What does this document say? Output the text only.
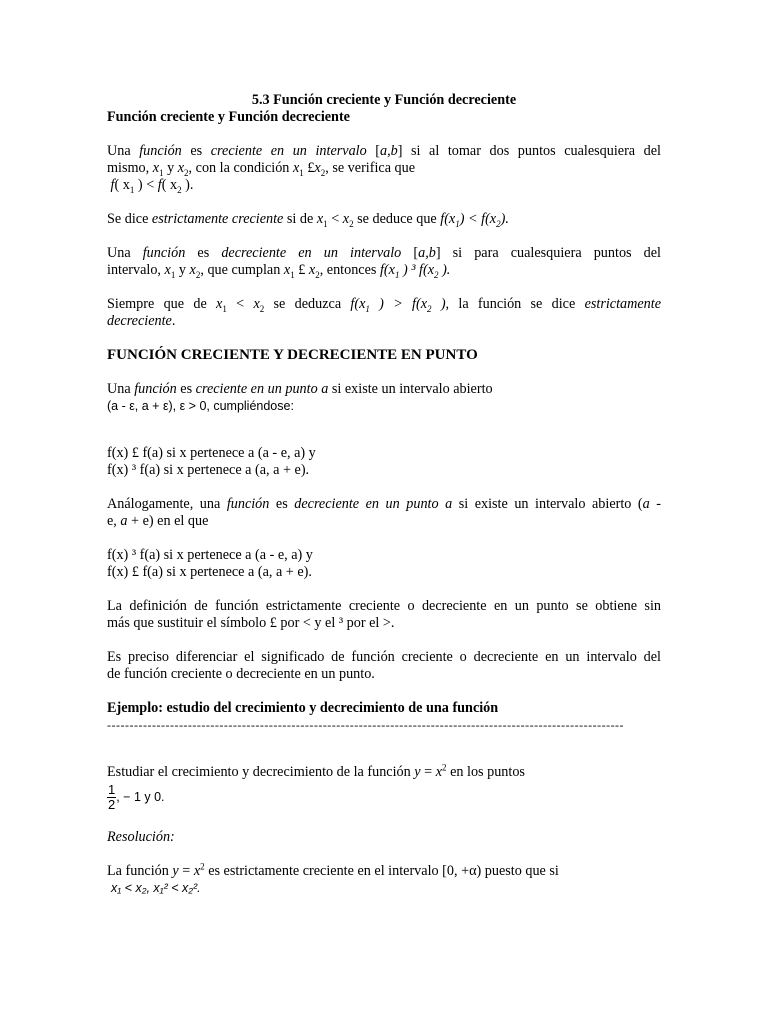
5.3 Función creciente y Función decreciente
Función creciente y Función decreciente
Una función es creciente en un intervalo [a,b] si al tomar dos puntos cualesquiera del
mismo, $x_1$ y $x_2$, con la condición $x_1$ $£x_2$, se verifica que
f( $x_1$ ) < f( $x_2$ ).
Se dice estrictamente creciente si de $x_1 < x_2$ se deduce que $f(x_1) < f(x_2)$.
Una función es decreciente en un intervalo [a,b] si para cualesquiera puntos del
intervalo, $x_1$ y $x_2$, que cumplan $x_1$ £ $x_2$, entonces $f(x_1$ ) ³ $f(x_2$ ).
Siempre que de $x_1 < x_2$ se deduzca $f(x_1$ ) > $f(x_2$ ), la función se dice estrictamente
decreciente.
FUNCIÓN CRECIENTE Y DECRECIENTE EN PUNTO
Una función es creciente en un punto a si existe un intervalo abierto
(a - ε, a + ε), ε > 0, cumpliéndose:
f(x) £ f(a) si x pertenece a (a - e, a) y
f(x) ³ f(a) si x pertenece a (a, a + e).
Análogamente, una función es decreciente en un punto a si existe un intervalo abierto (a -
e, a + e) en el que
f(x) ³ f(a) si x pertenece a (a - e, a) y
f(x) £ f(a) si x pertenece a (a, a + e).
La definición de función estrictamente creciente o decreciente en un punto se obtiene sin
más que sustituir el símbolo £ por < y el ³ por el >.
Es preciso diferenciar el significado de función creciente o decreciente en un intervalo del
de función creciente o decreciente en un punto.
Ejemplo: estudio del crecimiento y decrecimiento de una función
-------------------------------------------------------------------------------------------------------------------
Estudiar el crecimiento y decrecimiento de la función $y = x^2$ en los puntos
$\frac{1}{2}$ , − 1 y 0.
Resolución:
La función $y = x^2$ es estrictamente creciente en el intervalo [0, +α) puesto que si
x₁ < x₂, x₁² < x₂².
